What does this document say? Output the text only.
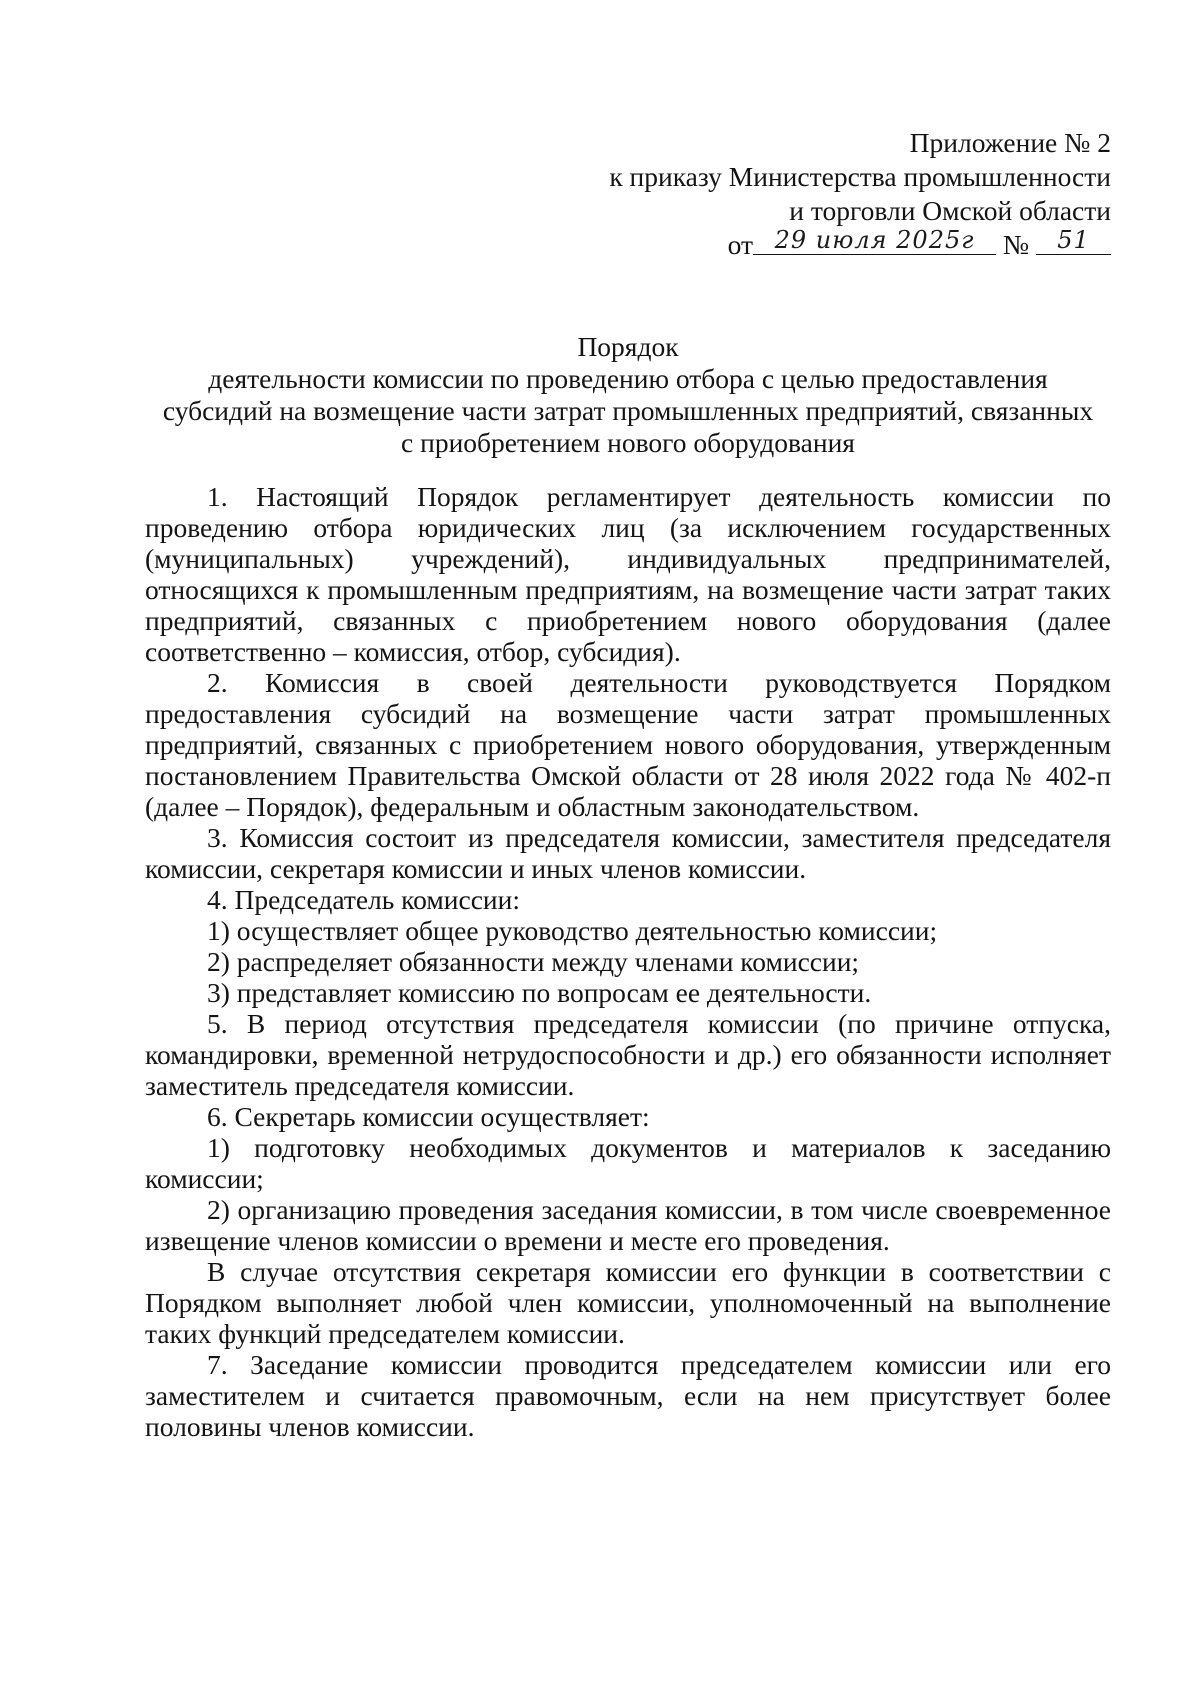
Приложение № 2
к приказу Министерства промышленности
и торговли Омской области
от 29 июля 2025г № 51
Порядок
деятельности комиссии по проведению отбора с целью предоставления
субсидий на возмещение части затрат промышленных предприятий, связанных
с приобретением нового оборудования

1. Настоящий Порядок регламентирует деятельность комиссии по проведению отбора юридических лиц (за исключением государственных (муниципальных) учреждений), индивидуальных предпринимателей, относящихся к промышленным предприятиям, на возмещение части затрат таких предприятий, связанных с приобретением нового оборудования (далее соответственно – комиссия, отбор, субсидия).

2. Комиссия в своей деятельности руководствуется Порядком предоставления субсидий на возмещение части затрат промышленных предприятий, связанных с приобретением нового оборудования, утвержденным постановлением Правительства Омской области от 28 июля 2022 года № 402-п (далее – Порядок), федеральным и областным законодательством.

3. Комиссия состоит из председателя комиссии, заместителя председателя комиссии, секретаря комиссии и иных членов комиссии.

4. Председатель комиссии:

1) осуществляет общее руководство деятельностью комиссии;

2) распределяет обязанности между членами комиссии;

3) представляет комиссию по вопросам ее деятельности.

5. В период отсутствия председателя комиссии (по причине отпуска, командировки, временной нетрудоспособности и др.) его обязанности исполняет заместитель председателя комиссии.

6. Секретарь комиссии осуществляет:

1) подготовку необходимых документов и материалов к заседанию комиссии;

2) организацию проведения заседания комиссии, в том числе своевременное извещение членов комиссии о времени и месте его проведения.

В случае отсутствия секретаря комиссии его функции в соответствии с Порядком выполняет любой член комиссии, уполномоченный на выполнение таких функций председателем комиссии.

7. Заседание комиссии проводится председателем комиссии или его заместителем и считается правомочным, если на нем присутствует более половины членов комиссии.
